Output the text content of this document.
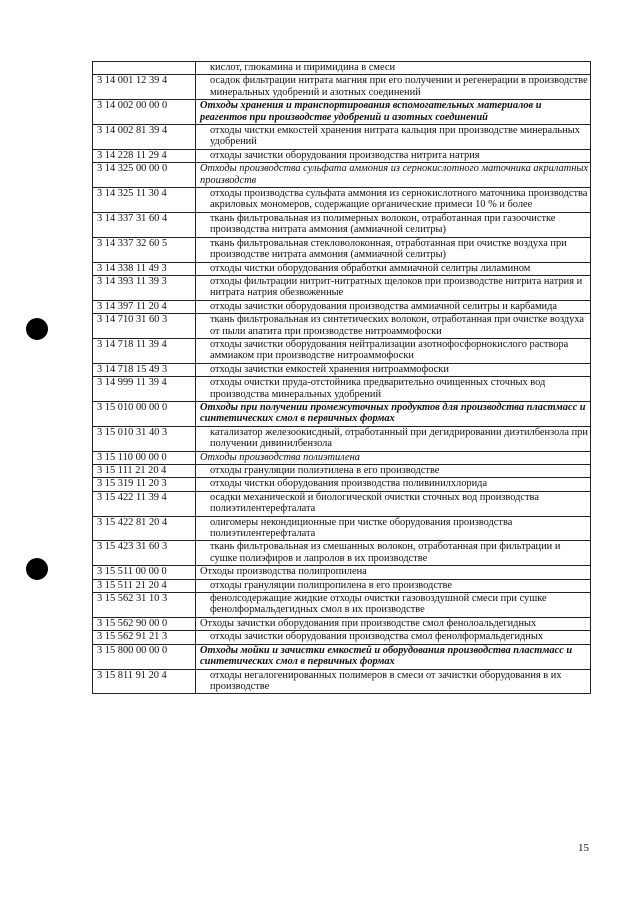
	кислот, глюкамина и пиримидина в смеси
3 14 001 12 39 4	осадок фильтрации нитрата магния при его получении и регенерации в производстве минеральных удобрений и азотных соединений
3 14 002 00 00 0	Отходы хранения и транспортирования вспомогательных материалов и реагентов при производстве удобрений и азотных соединений
3 14 002 81 39 4	отходы чистки емкостей хранения нитрата кальция при производстве минеральных удобрений
3 14 228 11 29 4	отходы зачистки оборудования производства нитрита натрия
3 14 325 00 00 0	Отходы производства сульфата аммония из сернокислотного маточника акрилатных производств
3 14 325 11 30 4	отходы производства сульфата аммония из сернокислотного маточника производства акриловых мономеров, содержащие органические примеси 10 % и более
3 14 337 31 60 4	ткань фильтровальная из полимерных волокон, отработанная при газоочистке производства нитрата аммония (аммиачной селитры)
3 14 337 32 60 5	ткань фильтровальная стекловолоконная, отработанная при очистке воздуха при производстве нитрата аммония (аммиачной селитры)
3 14 338 11 49 3	отходы чистки оборудования обработки аммиачной селитры лиламином
3 14 393 11 39 3	отходы фильтрации нитрит-нитратных щелоков при производстве нитрита натрия и нитрата натрия обезвоженные
3 14 397 11 20 4	отходы зачистки оборудования производства аммиачной селитры и карбамида
3 14 710 31 60 3	ткань фильтровальная из синтетических волокон, отработанная при очистке воздуха от пыли апатита при производстве нитроаммофоски
3 14 718 11 39 4	отходы зачистки оборудования нейтрализации азотнофосфорнокислого раствора аммиаком при производстве нитроаммофоски
3 14 718 15 49 3	отходы зачистки емкостей хранения нитроаммофоски
3 14 999 11 39 4	отходы очистки пруда-отстойника предварительно очищенных сточных вод производства минеральных удобрений
3 15 010 00 00 0	Отходы при получении промежуточных продуктов для производства пластмасс и синтетических смол в первичных формах
3 15 010 31 40 3	катализатор железоокисдный, отработанный при дегидрировании диэтилбензола при получении дивинилбензола
3 15 110 00 00 0	Отходы производства полиэтилена
3 15 111 21 20 4	отходы грануляции полиэтилена в его производстве
3 15 319 11 20 3	отходы чистки оборудования производства поливинилхлорида
3 15 422 11 39 4	осадки механической и биологической очистки сточных вод производства полиэтилентерефталата
3 15 422 81 20 4	олигомеры некондиционные при чистке оборудования производства полиэтилентерефталата
3 15 423 31 60 3	ткань фильтровальная из смешанных волокон, отработанная при фильтрации и сушке полиэфиров и лапролов в их производстве
3 15 511 00 00 0	Отходы производства полипропилена
3 15 511 21 20 4	отходы грануляции полипропилена в его производстве
3 15 562 31 10 3	фенолсодержащие жидкие отходы очистки газовоздушной смеси при сушке фенолформальдегидных смол в их производстве
3 15 562 90 00 0	Отходы зачистки оборудования при производстве смол фенолоальдегидных
3 15 562 91 21 3	отходы зачистки оборудования производства смол фенолформальдегидных
3 15 800 00 00 0	Отходы мойки и зачистки емкостей и оборудования производства пластмасс и синтетических смол в первичных формах
3 15 811 91 20 4	отходы негалогенированных полимеров в смеси от зачистки оборудования в их производстве
15
